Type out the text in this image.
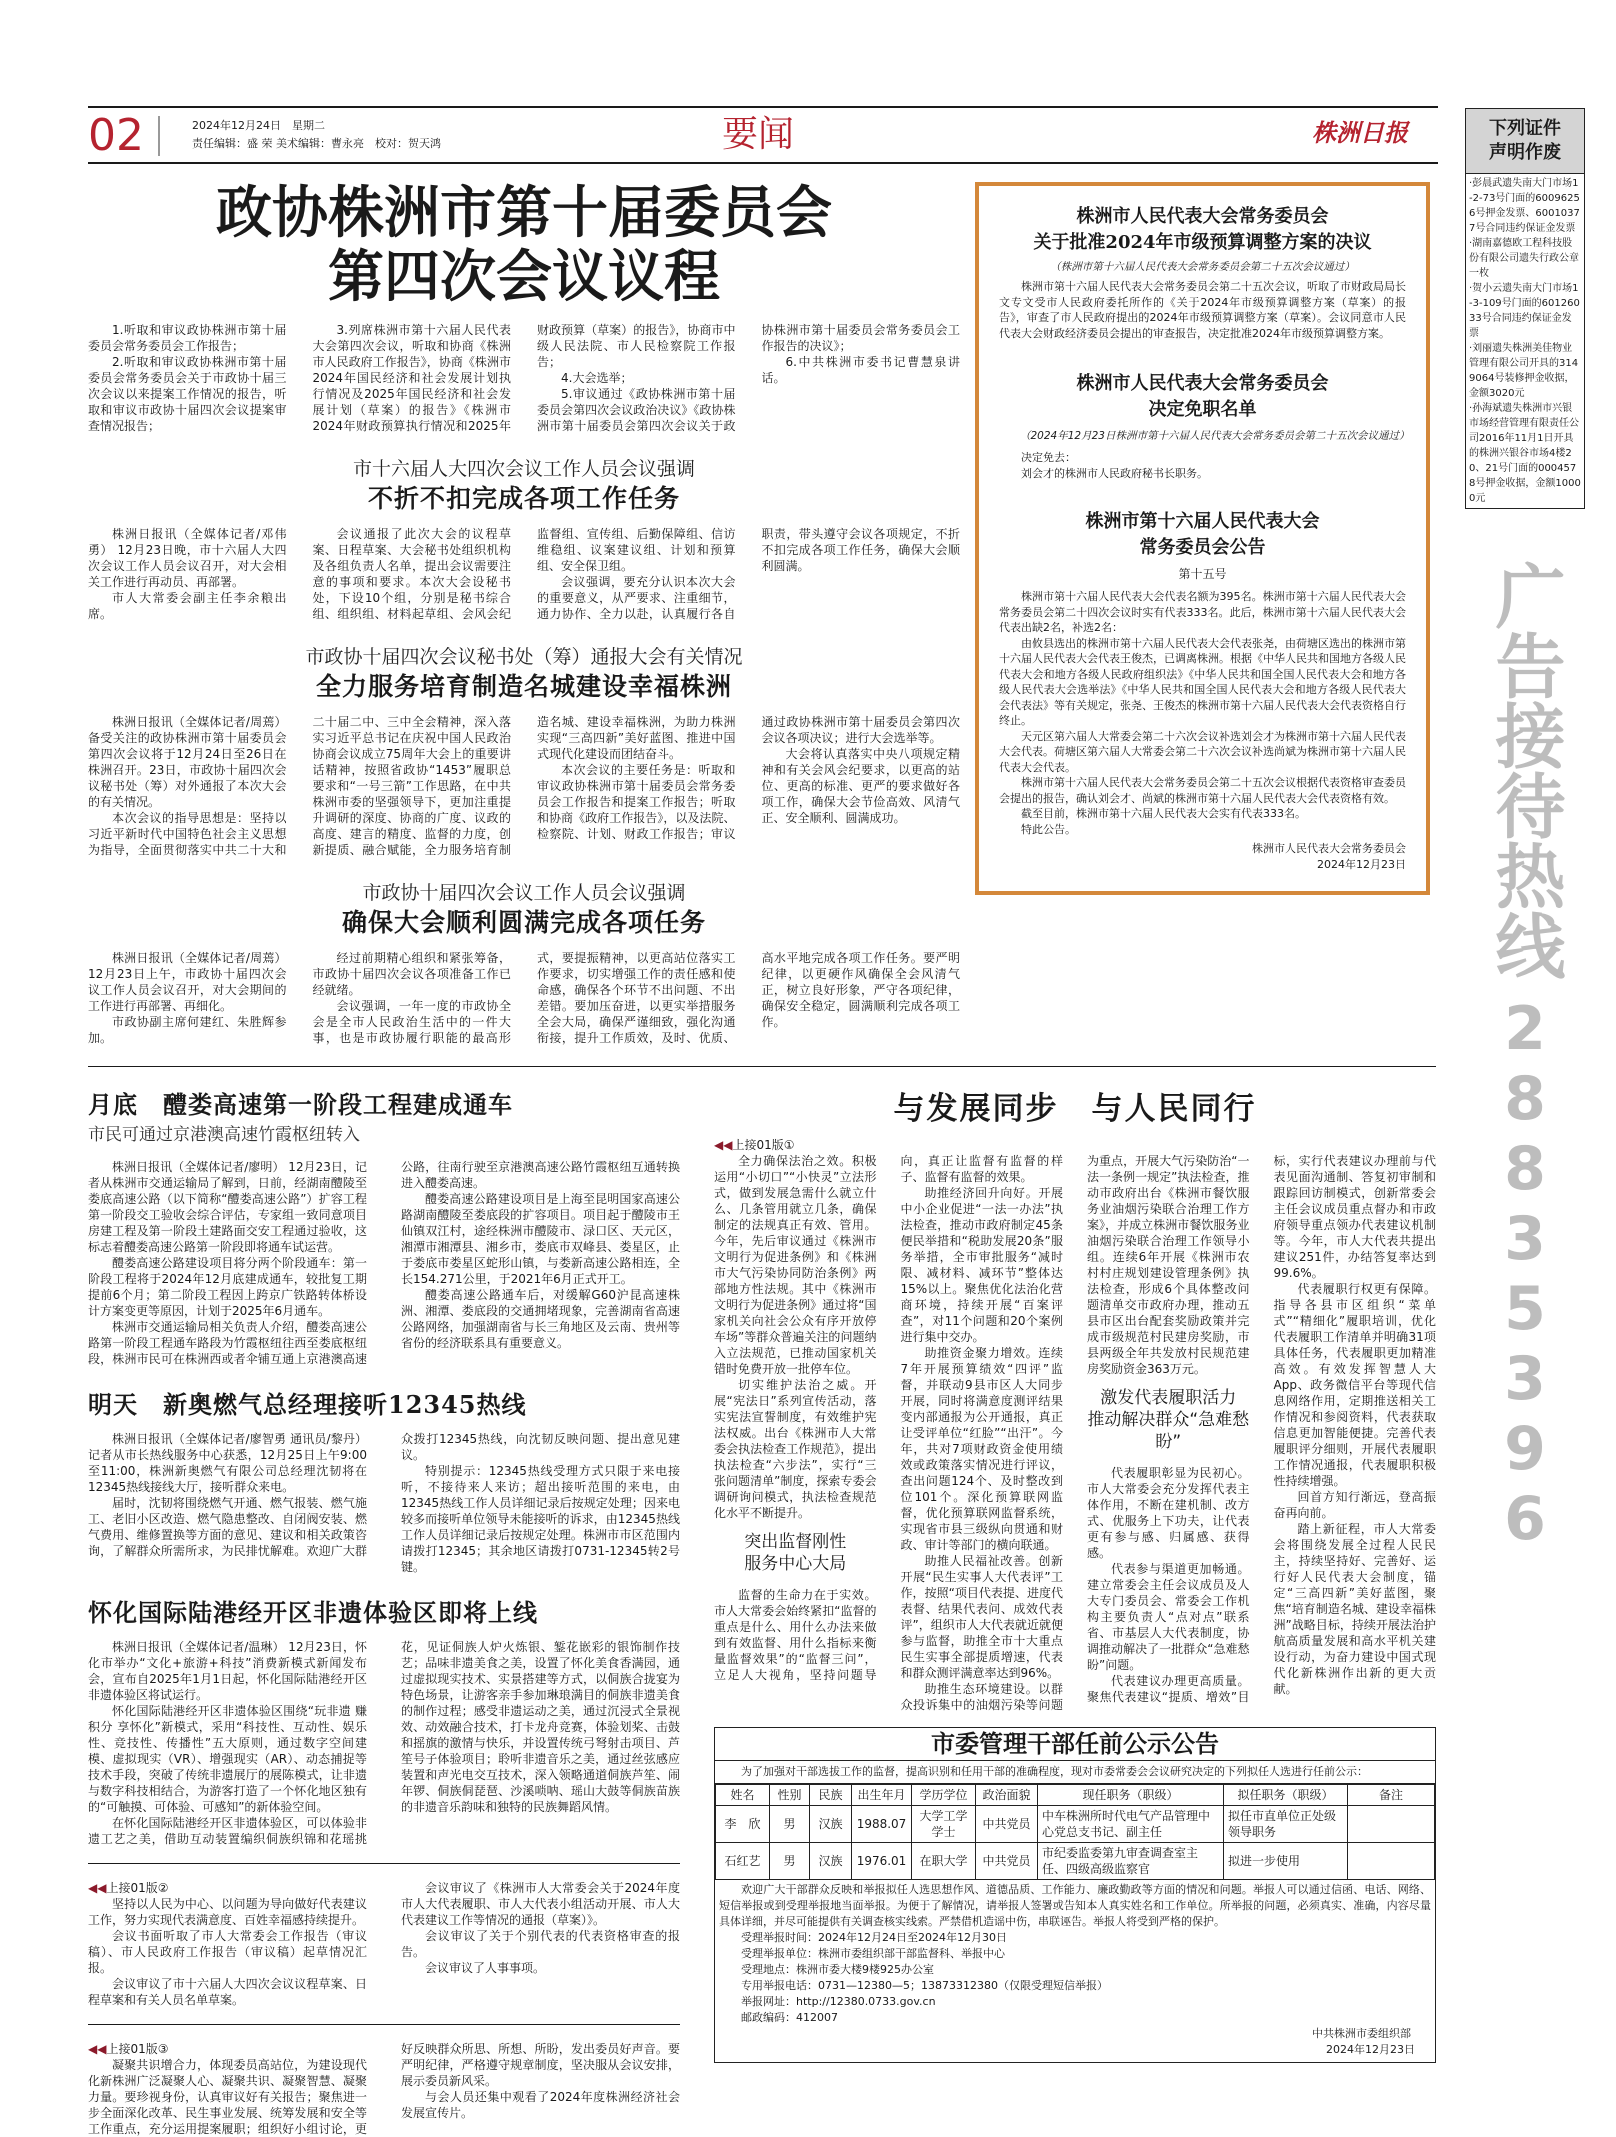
02	2024年12月24日　星期二
责任编辑：盛 荣 美术编辑：曹永亮　校对：贺天鸿	要闻	株洲日报	下列证件
声明作废
·彭晨武遗失南大门市场1-2-73号门面的60096256号押金发票、60010377号合同违约保证金发票
·湖南嘉德欧工程科技股份有限公司遗失行政公章一枚
·贺小云遗失南大门市场1-3-109号门面的60126033号合同违约保证金发票
·刘丽遗失株洲美佳物业管理有限公司开具的3149064号装修押金收据，金额3020元
·孙海斌遗失株洲市兴银市场经营管理有限责任公司2016年11月1日开具的株洲兴银谷市场4楼20、21号门面的0004578号押金收据，金额10000元
广告接待热线
28835396
政协株洲市第十届委员会
第四次会议议程

1.听取和审议政协株洲市第十届委员会常务委员会工作报告；

2.听取和审议政协株洲市第十届委员会常务委员会关于市政协十届三次会议以来提案工作情况的报告，听取和审议市政协十届四次会议提案审查情况报告；

3.列席株洲市第十六届人民代表大会第四次会议，听取和协商《株洲市人民政府工作报告》，协商《株洲市2024年国民经济和社会发展计划执行情况及2025年国民经济和社会发展计划（草案）的报告》《株洲市2024年财政预算执行情况和2025年财政预算（草案）的报告》，协商市中级人民法院、市人民检察院工作报告；

4.大会选举；

5.审议通过《政协株洲市第十届委员会第四次会议政治决议》《政协株洲市第十届委员会第四次会议关于政协株洲市第十届委员会常务委员会工作报告的决议》；

6.中共株洲市委书记曹慧泉讲话。

市十六届人大四次会议工作人员会议强调
不折不扣完成各项工作任务

株洲日报讯（全媒体记者/邓伟勇） 12月23日晚，市十六届人大四次会议工作人员会议召开，对大会相关工作进行再动员、再部署。

市人大常委会副主任李余粮出席。

会议通报了此次大会的议程草案、日程草案、大会秘书处组织机构及各组负责人名单，提出会议需要注意的事项和要求。本次大会设秘书处，下设10个组，分别是秘书综合组、组织组、材料起草组、会风会纪监督组、宣传组、后勤保障组、信访维稳组、议案建议组、计划和预算组、安全保卫组。

会议强调，要充分认识本次大会的重要意义，从严要求、注重细节，通力协作、全力以赴，认真履行各自职责，带头遵守会议各项规定，不折不扣完成各项工作任务，确保大会顺利圆满。

市政协十届四次会议秘书处（筹）通报大会有关情况
全力服务培育制造名城建设幸福株洲

株洲日报讯（全媒体记者/周蔫） 备受关注的政协株洲市第十届委员会第四次会议将于12月24日至26日在株洲召开。23日，市政协十届四次会议秘书处（筹）对外通报了本次大会的有关情况。

本次会议的指导思想是：坚持以习近平新时代中国特色社会主义思想为指导，全面贯彻落实中共二十大和二十届二中、三中全会精神，深入落实习近平总书记在庆祝中国人民政治协商会议成立75周年大会上的重要讲话精神，按照省政协“1453”履职总要求和“一号三箭”工作思路，在中共株洲市委的坚强领导下，更加注重提升调研的深度、协商的广度、议政的高度、建言的精度、监督的力度，创新提质、融合赋能，全力服务培育制造名城、建设幸福株洲，为助力株洲实现“三高四新”美好蓝图、推进中国式现代化建设而团结奋斗。

本次会议的主要任务是：听取和审议政协株洲市第十届委员会常务委员会工作报告和提案工作报告；听取和协商《政府工作报告》，以及法院、检察院、计划、财政工作报告；审议通过政协株洲市第十届委员会第四次会议各项决议；进行大会选举等。

大会将认真落实中央八项规定精神和有关会风会纪要求，以更高的站位、更高的标准、更严的要求做好各项工作，确保大会节俭高效、风清气正、安全顺利、圆满成功。

市政协十届四次会议工作人员会议强调
确保大会顺利圆满完成各项任务

株洲日报讯（全媒体记者/周蔫） 12月23日上午，市政协十届四次会议工作人员会议召开，对大会期间的工作进行再部署、再细化。

市政协副主席何建红、朱胜辉参加。

经过前期精心组织和紧张筹备，市政协十届四次会议各项准备工作已经就绪。

会议强调，一年一度的市政协全会是全市人民政治生活中的一件大事，也是市政协履行职能的最高形式，要提振精神，以更高站位落实工作要求，切实增强工作的责任感和使命感，确保各个环节不出问题、不出差错。要加压奋进，以更实举措服务全会大局，确保严谨细致，强化沟通衔接，提升工作质效，及时、优质、高水平地完成各项工作任务。要严明纪律，以更硬作风确保全会风清气正，树立良好形象，严守各项纪律，确保安全稳定，圆满顺利完成各项工作。

株洲市人民代表大会常务委员会
关于批准2024年市级预算调整方案的决议
（株洲市第十六届人民代表大会常务委员会第二十五次会议通过）

株洲市第十六届人民代表大会常务委员会第二十五次会议，听取了市财政局局长文专文受市人民政府委托所作的《关于2024年市级预算调整方案（草案）的报告》，审查了市人民政府提出的2024年市级预算调整方案（草案）。会议同意市人民代表大会财政经济委员会提出的审查报告，决定批准2024年市级预算调整方案。

株洲市人民代表大会常务委员会
决定免职名单
（2024年12月23日株洲市第十六届人民代表大会常务委员会第二十五次会议通过）
决定免去：
刘会才的株洲市人民政府秘书长职务。
株洲市第十六届人民代表大会
常务委员会公告
第十五号

株洲市第十六届人民代表大会代表名额为395名。株洲市第十六届人民代表大会常务委员会第二十四次会议时实有代表333名。此后，株洲市第十六届人民代表大会代表出缺2名，补选2名：

由攸县选出的株洲市第十六届人民代表大会代表张尧，由荷塘区选出的株洲市第十六届人民代表大会代表王俊杰，已调离株洲。根据《中华人民共和国地方各级人民代表大会和地方各级人民政府组织法》《中华人民共和国全国人民代表大会和地方各级人民代表大会选举法》《中华人民共和国全国人民代表大会和地方各级人民代表大会代表法》等有关规定，张尧、王俊杰的株洲市第十六届人民代表大会代表资格自行终止。

天元区第六届人大常委会第二十六次会议补选刘会才为株洲市第十六届人民代表大会代表。荷塘区第六届人大常委会第二十六次会议补选尚斌为株洲市第十六届人民代表大会代表。

株洲市第十六届人民代表大会常务委员会第二十五次会议根据代表资格审查委员会提出的报告，确认刘会才、尚斌的株洲市第十六届人民代表大会代表资格有效。

截至目前，株洲市第十六届人民代表大会实有代表333名。

特此公告。

株洲市人民代表大会常务委员会
2024年12月23日
月底　醴娄高速第一阶段工程建成通车
市民可通过京港澳高速竹霞枢纽转入

株洲日报讯（全媒体记者/廖明） 12月23日，记者从株洲市交通运输局了解到，日前，经湖南醴陵至娄底高速公路（以下简称“醴娄高速公路”）扩容工程第一阶段交工验收会综合评估，专家组一致同意项目房建工程及第一阶段土建路面交安工程通过验收，这标志着醴娄高速公路第一阶段即将通车试运营。

醴娄高速公路建设项目将分两个阶段通车：第一阶段工程将于2024年12月底建成通车，较批复工期提前6个月；第二阶段工程因上跨京广铁路转体桥设计方案变更等原因，计划于2025年6月通车。

株洲市交通运输局相关负责人介绍，醴娄高速公路第一阶段工程通车路段为竹霞枢纽往西至娄底枢纽段，株洲市民可在株洲西或者伞铺互通上京港澳高速公路，往南行驶至京港澳高速公路竹霞枢纽互通转换进入醴娄高速。

醴娄高速公路建设项目是上海至昆明国家高速公路湖南醴陵至娄底段的扩容项目。项目起于醴陵市王仙镇双江村，途经株洲市醴陵市、渌口区、天元区，湘潭市湘潭县、湘乡市，娄底市双峰县、娄星区，止于娄底市娄星区蛇形山镇，与娄新高速公路相连，全长154.271公里，于2021年6月正式开工。

醴娄高速公路通车后，对缓解G60沪昆高速株洲、湘潭、娄底段的交通拥堵现象，完善湖南省高速公路网络，加强湖南省与长三角地区及云南、贵州等省份的经济联系具有重要意义。

明天　新奥燃气总经理接听12345热线

株洲日报讯（全媒体记者/廖智勇 通讯员/黎丹） 记者从市长热线服务中心获悉，12月25日上午9:00至11:00，株洲新奥燃气有限公司总经理沈韧将在12345热线接线大厅，接听群众来电。

届时，沈韧将围绕燃气开通、燃气报装、燃气施工、老旧小区改造、燃气隐患整改、自闭阀安装、燃气费用、维修置换等方面的意见、建议和相关政策咨询，了解群众所需所求，为民排忧解难。欢迎广大群众拨打12345热线，向沈韧反映问题、提出意见建议。

特别提示：12345热线受理方式只限于来电接听，不接待来人来访；超出接听范围的来电，由12345热线工作人员详细记录后按规定处理；因来电较多而接听单位领导未能接听的诉求，由12345热线工作人员详细记录后按规定处理。株洲市市区范围内请拨打12345；其余地区请拨打0731-12345转2号键。

怀化国际陆港经开区非遗体验区即将上线

株洲日报讯（全媒体记者/温琳） 12月23日，怀化市举办“文化+旅游+科技”消费新模式新闻发布会，宣布自2025年1月1日起，怀化国际陆港经开区非遗体验区将试运行。

怀化国际陆港经开区非遗体验区围绕“玩非遗 赚积分 享怀化”新模式，采用“科技性、互动性、娱乐性、竞技性、传播性”五大原则，通过数字空间建模、虚拟现实（VR）、增强现实（AR）、动态捕捉等技术手段，突破了传统非遗展厅的展陈模式，让非遗与数字科技相结合，为游客打造了一个怀化地区独有的“可触摸、可体验、可感知”的新体验空间。

在怀化国际陆港经开区非遗体验区，可以体验非遗工艺之美，借助互动装置编织侗族织锦和花瑶挑花，见证侗族人炉火炼银、錾花嵌彩的银饰制作技艺；品味非遗美食之美，设置了怀化美食香满园，通过虚拟现实技术、实景搭建等方式，以侗族合拢宴为特色场景，让游客亲手参加琳琅满目的侗族非遗美食的制作过程；感受非遗运动之美，通过沉浸式全景视效、动效融合技术，打卡龙舟竞赛，体验划桨、击鼓和摇旗的激情与快乐，并设置传统弓弩射击项目、芦笙号子体验项目；聆听非遗音乐之美，通过丝弦感应装置和声光电交互技术，深入领略通道侗族芦笙、闹年锣、侗族侗琵琶、沙溪唢呐、瑶山大鼓等侗族苗族的非遗音乐韵味和独特的民族舞蹈风情。

◀◀上接01版②

坚持以人民为中心、以问题为导向做好代表建议工作，努力实现代表满意度、百姓幸福感持续提升。

会议书面听取了市人大常委会工作报告（审议稿）、市人民政府工作报告（审议稿）起草情况汇报。

会议审议了市十六届人大四次会议议程草案、日程草案和有关人员名单草案。

会议审议了《株洲市人大常委会关于2024年度市人大代表履职、市人大代表小组活动开展、市人大代表建议工作等情况的通报（草案）》。

会议审议了关于个别代表的代表资格审查的报告。

会议审议了人事事项。

◀◀上接01版③

凝聚共识增合力，体现委员高站位，为建设现代化新株洲广泛凝聚人心、凝聚共识、凝聚智慧、凝聚力量。要珍视身份，认真审议好有关报告；聚焦进一步全面深化改革、民生事业发展、统筹发展和安全等工作重点，充分运用提案履职；组织好小组讨论，更好反映群众所思、所想、所盼，发出委员好声音。要严明纪律，严格遵守规章制度，坚决服从会议安排，展示委员新风采。

与会人员还集中观看了2024年度株洲经济社会发展宣传片。

与发展同步　与人民同行
◀◀上接01版①

全力确保法治之效。积极运用“小切口”“小快灵”立法形式，做到发展急需什么就立什么、几条管用就立几条，确保制定的法规真正有效、管用。今年，先后审议通过《株洲市文明行为促进条例》和《株洲市大气污染协同防治条例》两部地方性法规。其中《株洲市文明行为促进条例》通过将“国家机关向社会公众有序开放停车场”等群众普遍关注的问题纳入立法规范，已推动国家机关错时免费开放一批停车位。

切实维护法治之威。开展“宪法日”系列宣传活动，落实宪法宣誓制度，有效维护宪法权威。出台《株洲市人大常委会执法检查工作规范》，提出执法检查“六步法”，实行“三张问题清单”制度，探索专委会调研询问模式，执法检查规范化水平不断提升。

突出监督刚性
服务中心大局

监督的生命力在于实效。市人大常委会始终紧扣“监督的重点是什么、用什么办法来做到有效监督、用什么指标来衡量监督效果”的“监督三问”，立足人大视角，坚持问题导向，真正让监督有监督的样子、监督有监督的效果。

助推经济回升向好。开展中小企业促进“一法一办法”执法检查，推动市政府制定45条便民举措和“税助发展20条”服务举措，全市审批服务“减时限、减材料、减环节”整体达15%以上。聚焦优化法治化营商环境，持续开展“百案评查”，对11个问题和20个案例进行集中交办。

助推资金聚力增效。连续7年开展预算绩效“四评”监督，并联动9县市区人大同步开展，同时将满意度测评结果变内部通报为公开通报，真正让受评单位“红脸”“出汗”。今年，共对7项财政资金使用绩效或政策落实情况进行评议，查出问题124个、及时整改到位101个。深化预算联网监督，优化预算联网监督系统，实现省市县三级纵向贯通和财政、审计等部门的横向联通。

助推人民福祉改善。创新开展“民生实事人大代表评”工作，按照“项目代表提、进度代表督、结果代表问、成效代表评”，组织市人大代表就近就便参与监督，助推全市十大重点民生实事全部提质增速，代表和群众测评满意率达到96%。

助推生态环境建设。以群众投诉集中的油烟污染等问题为重点，开展大气污染防治“一法一条例一规定”执法检查，推动市政府出台《株洲市餐饮服务业油烟污染联合治理工作方案》，并成立株洲市餐饮服务业油烟污染联合治理工作领导小组。连续6年开展《株洲市农村村庄规划建设管理条例》执法检查，形成6个具体整改问题清单交市政府办理，推动五县市区出台配套奖励政策并完成市级规范村民建房奖励，市县两级全年共发放村民规范建房奖励资金363万元。

激发代表履职活力
推动解决群众“急难愁盼”

代表履职彰显为民初心。市人大常委会充分发挥代表主体作用，不断在建机制、改方式、优服务上下功夫，让代表更有参与感、归属感、获得感。

代表参与渠道更加畅通。建立常委会主任会议成员及人大专门委员会、常委会工作机构主要负责人“点对点”联系省、市基层人大代表制度，协调推动解决了一批群众“急难愁盼”问题。

代表建议办理更高质量。聚焦代表建议“提质、增效”目标，实行代表建议办理前与代表见面沟通制、答复初审制和跟踪回访制模式，创新常委会主任会议成员重点督办和市政府领导重点领办代表建议机制等。今年，市人大代表共提出建议251件，办结答复率达到99.6%。

代表履职行权更有保障。指导各县市区组织“菜单式”“精细化”履职培训，优化代表履职工作清单并明确31项具体任务，代表履职更加精准高效。有效发挥智慧人大App、政务微信平台等现代信息网络作用，定期推送相关工作情况和参阅资料，代表获取信息更加智能便捷。完善代表履职评分细则，开展代表履职工作情况通报，代表履职积极性持续增强。

回首方知行渐远，登高振奋再向前。

踏上新征程，市人大常委会将围绕发展全过程人民民主，持续坚持好、完善好、运行好人民代表大会制度，锚定“三高四新”美好蓝图，聚焦“培育制造名城、建设幸福株洲”战略目标，持续开展法治护航高质量发展和高水平机关建设行动，为奋力建设中国式现代化新株洲作出新的更大贡献。

市委管理干部任前公示公告
为了加强对干部选拔工作的监督，提高识别和任用干部的准确程度，现对市委常委会会议研究决定的下列拟任人选进行任前公示：
姓名	性别	民族	出生年月	学历学位	政治面貌	现任职务（职级）	拟任职务（职级）	备注
李　欣	男	汉族	1988.07	大学工学学士	中共党员	中车株洲所时代电气产品管理中心党总支书记、副主任	拟任市直单位正处级领导职务	
石红艺	男	汉族	1976.01	在职大学	中共党员	市纪委监委第九审查调查室主任、四级高级监察官	拟进一步使用	

欢迎广大干部群众反映和举报拟任人选思想作风、道德品质、工作能力、廉政勤政等方面的情况和问题。举报人可以通过信函、电话、网络、短信举报或到受理举报地当面举报。为便于了解情况，请举报人签署或告知本人真实姓名和工作单位。所举报的问题，必须真实、准确，内容尽量具体详细，并尽可能提供有关调查核实线索。严禁借机造谣中伤，串联诬告。举报人将受到严格的保护。

受理举报时间：2024年12月24日至2024年12月30日
受理举报单位：株洲市委组织部干部监督科、举报中心
受理地点：株洲市委大楼9楼925办公室
专用举报电话：0731—12380—5；13873312380（仅限受理短信举报）
举报网址：http://12380.0733.gov.cn
邮政编码：412007
中共株洲市委组织部
2024年12月23日
